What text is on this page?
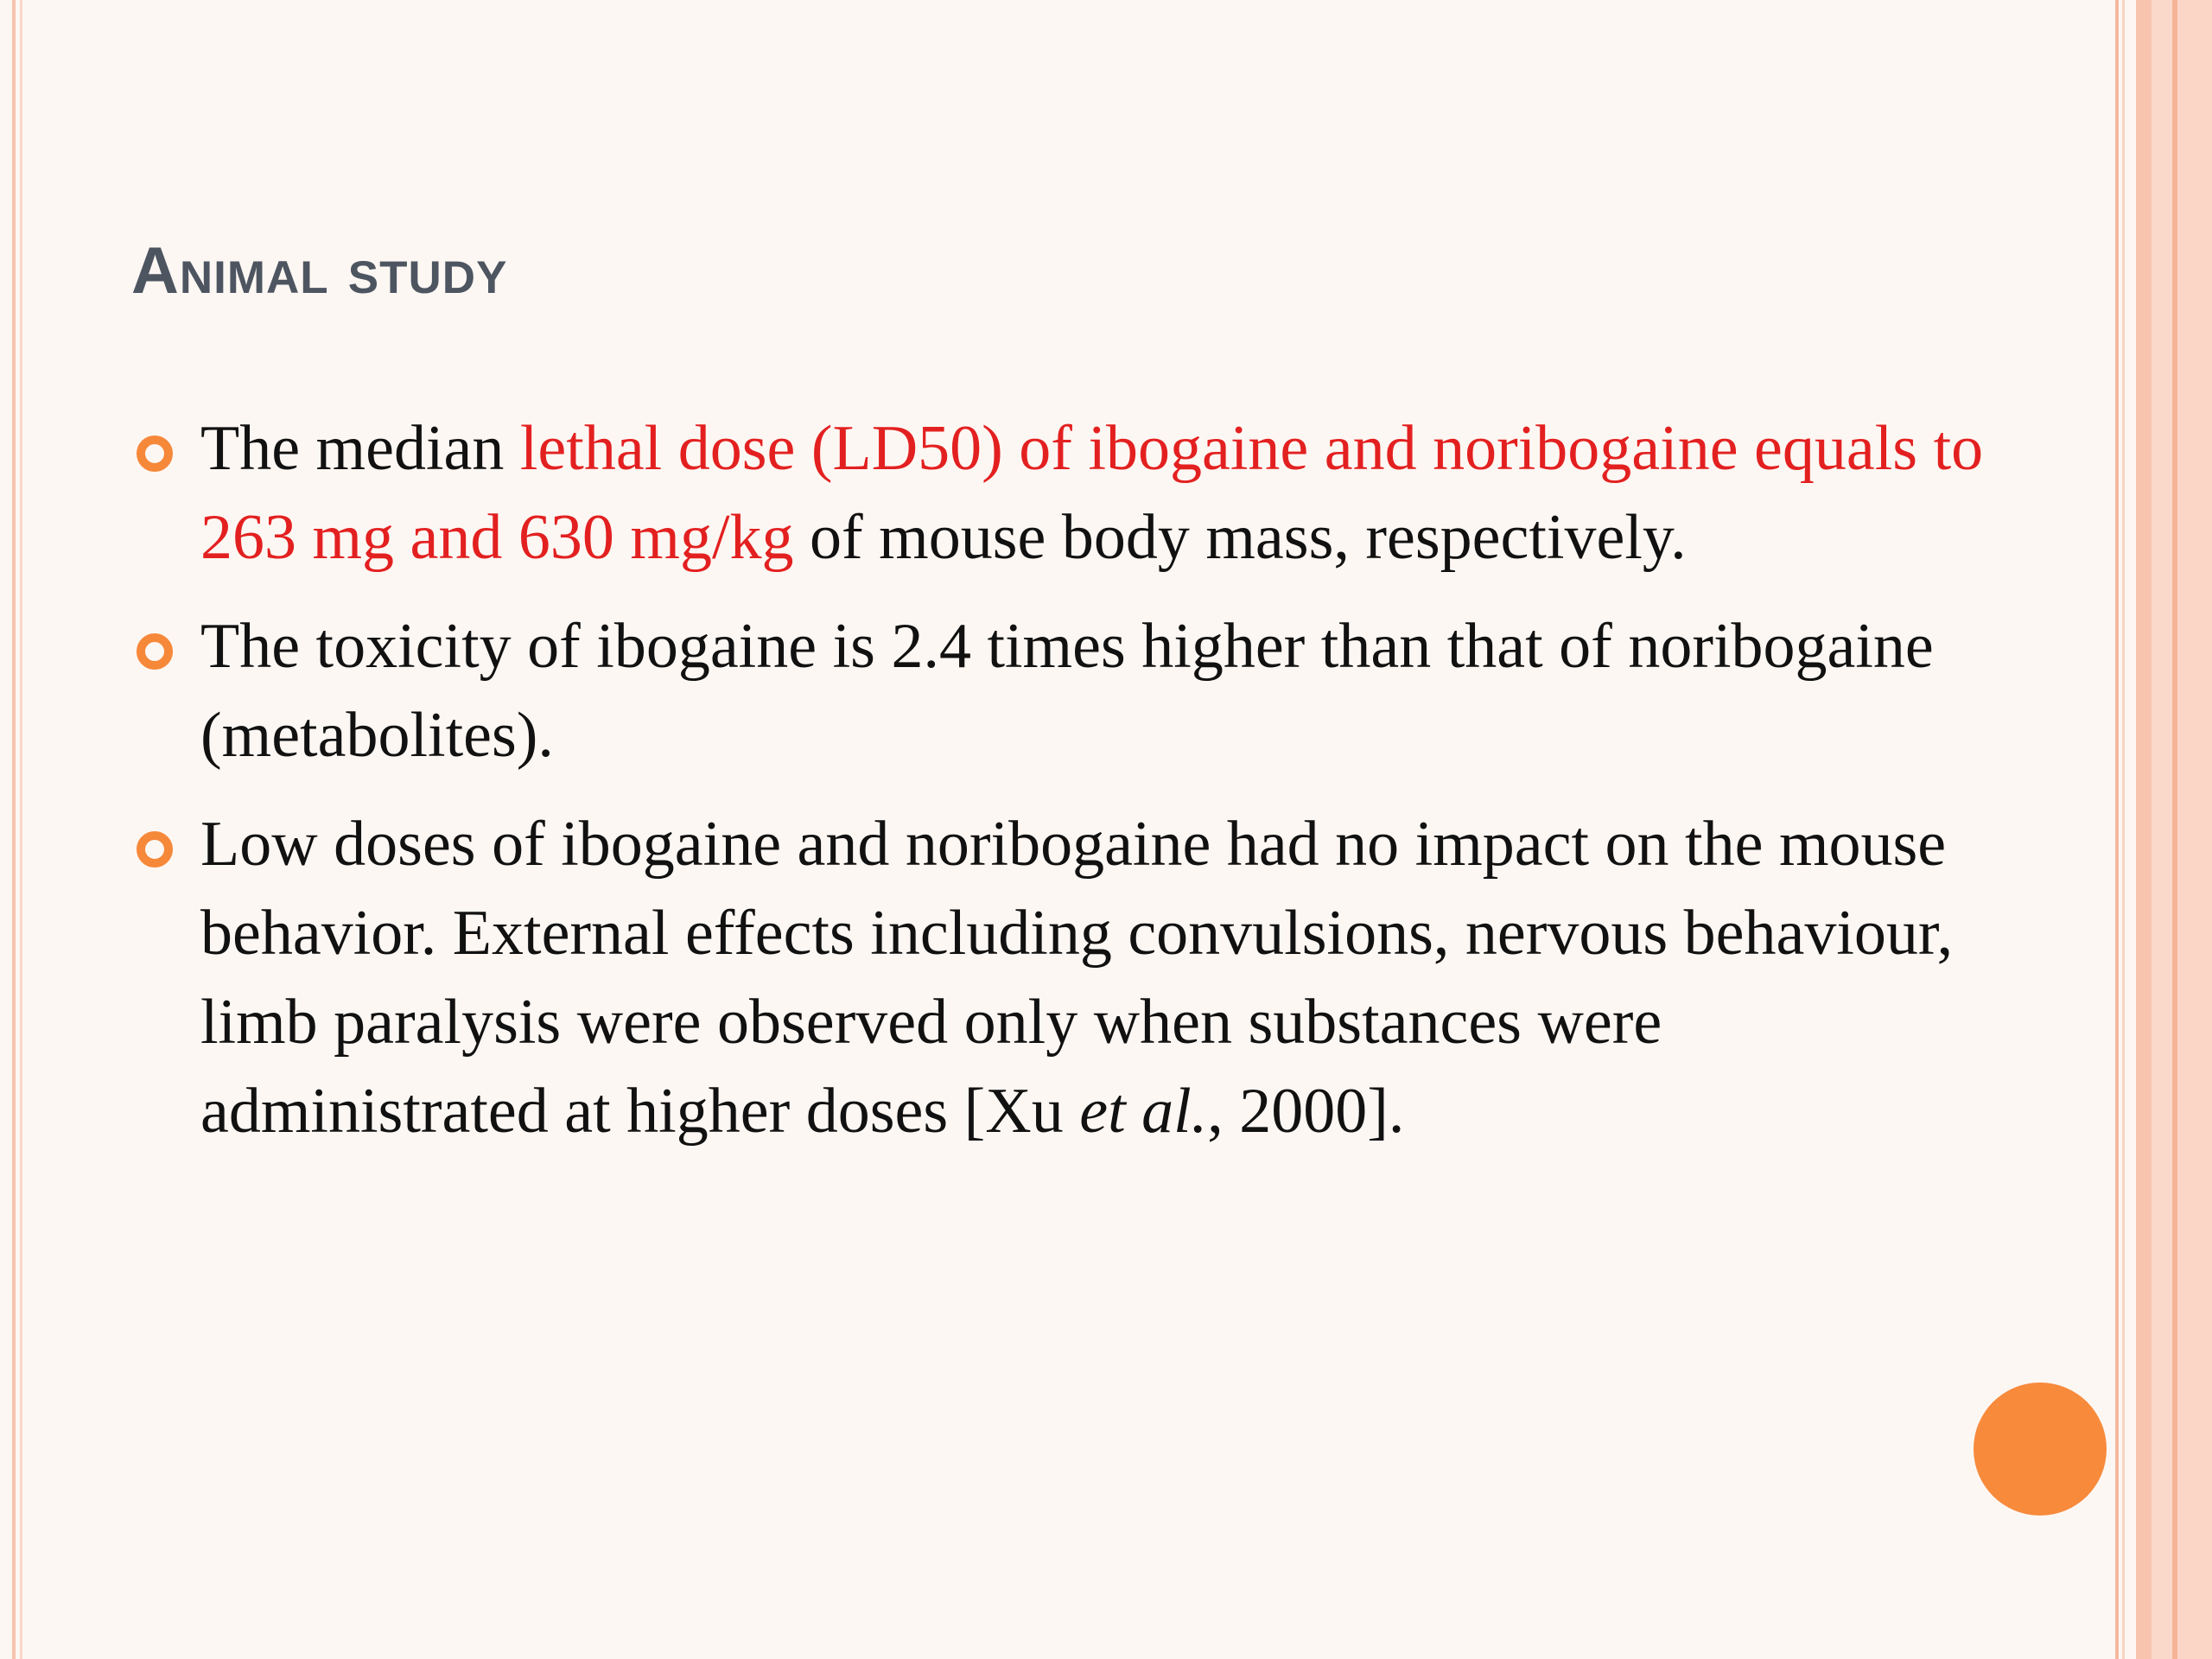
Animal study
The median lethal dose (LD50) of ibogaine and noribogaine equals to 263 mg and 630 mg/kg of mouse body mass, respectively.
The toxicity of ibogaine is 2.4 times higher than that of noribogaine (metabolites).
Low doses of ibogaine and noribogaine had no impact on the mouse behavior. External effects including convulsions, nervous behaviour, limb paralysis were observed only when substances were administrated at higher doses [Xu et al., 2000].
